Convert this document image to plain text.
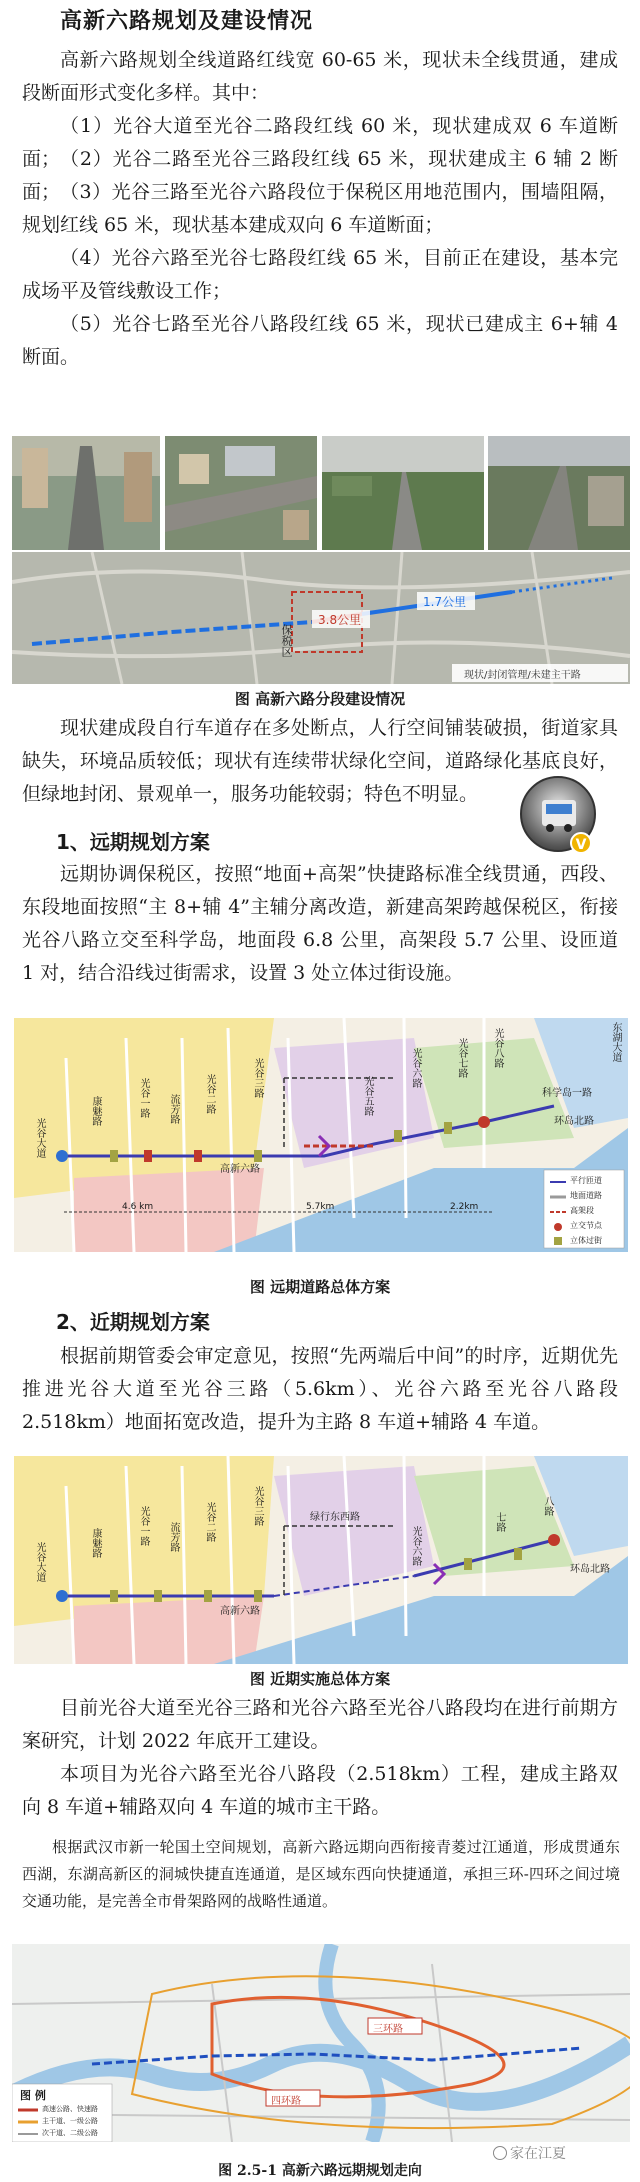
高新六路规划及建设情况
高新六路规划全线道路红线宽 60-65 米，现状未全线贯通，建成段断面形式变化多样。其中：
（1）光谷大道至光谷二路段红线 60 米，现状建成双 6 车道断面； （2）光谷二路至光谷三路段红线 65 米，现状建成主 6 辅 2 断面； （3）光谷三路至光谷六路段位于保税区用地范围内，围墙阻隔，规划红线 65 米，现状基本建成双向 6 车道断面；
（4）光谷六路至光谷七路段红线 65 米，目前正在建设，基本完成场平及管线敷设工作；
（5）光谷七路至光谷八路段红线 65 米，现状已建成主 6+辅 4 断面。
3.8公里
1.7公里
保税区
现状/封闭管理/未建主干路
图 高新六路分段建设情况
现状建成段自行车道存在多处断点，人行空间铺装破损，街道家具缺失，环境品质较低；现状有连续带状绿化空间，道路绿化基底良好，但绿地封闭、景观单一，服务功能较弱；特色不明显。
V
1、远期规划方案
远期协调保税区，按照“地面+高架”快捷路标准全线贯通，西段、东段地面按照“主 8+辅 4”主辅分离改造，新建高架跨越保税区，衔接光谷八路立交至科学岛，地面段 6.8 公里，高架段 5.7 公里、设匝道 1 对，结合沿线过街需求，设置 3 处立体过街设施。
光谷大道
康魅路	光谷一路 流芳路	光谷二路	光谷三路
高新六路
光谷五路
光谷六路	光谷七路	光谷八路	东湖大道
环岛北路
科学岛一路
4.6 km	5.7km	2.2km
平行匝道
地面道路
高架段
立交节点
立体过街
图 远期道路总体方案
2、近期规划方案
根据前期管委会审定意见，按照“先两端后中间”的时序，近期优先推进光谷大道至光谷三路（5.6km）、光谷六路至光谷八路段 2.518km）地面拓宽改造，提升为主路 8 车道+辅路 4 车道。
光谷大道	康魅路	光谷一路 流芳路	光谷二路	光谷三路
高新六路
绿行东西路
光谷六路
七路
八路
环岛北路
图 近期实施总体方案
目前光谷大道至光谷三路和光谷六路至光谷八路段均在进行前期方案研究，计划 2022 年底开工建设。
本项目为光谷六路至光谷八路段（2.518km）工程，建成主路双向 8 车道+辅路双向 4 车道的城市主干路。
根据武汉市新一轮国土空间规划，高新六路远期向西衔接青菱过江通道，形成贯通东西湖，东湖高新区的洞城快捷直连通道，是区域东西向快捷通道，承担三环-四环之间过境交通功能，是完善全市骨架路网的战略性通道。
三环路
四环路
图 例
高速公路、快速路
主干道、一级公路
次干道、二级公路
家在江夏
图 2.5-1 高新六路远期规划走向
